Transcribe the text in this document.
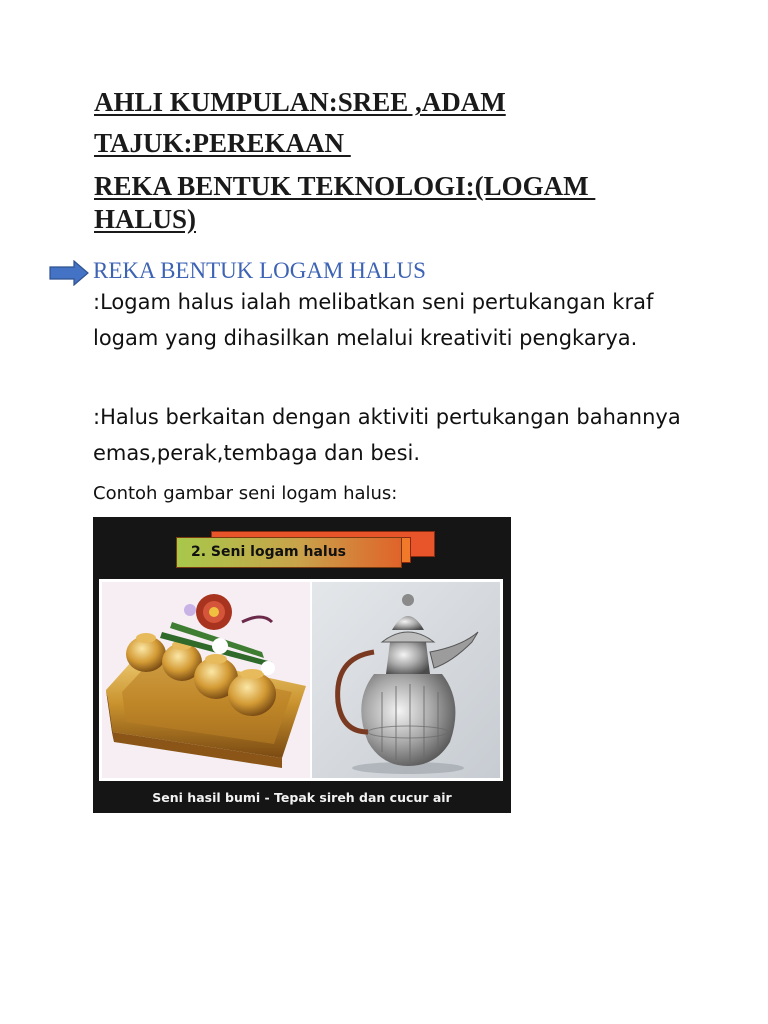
AHLI KUMPULAN:SREE ,ADAM
TAJUK:PEREKAAN
REKA BENTUK TEKNOLOGI:(LOGAM
HALUS)
REKA BENTUK LOGAM HALUS

:Logam halus ialah melibatkan seni pertukangan kraf logam yang dihasilkan melalui kreativiti pengkarya.

:Halus berkaitan dengan aktiviti pertukangan bahannya emas,perak,tembaga dan besi.

Contoh gambar seni logam halus:
2. Seni logam halus
Seni hasil bumi - Tepak sireh dan cucur air
